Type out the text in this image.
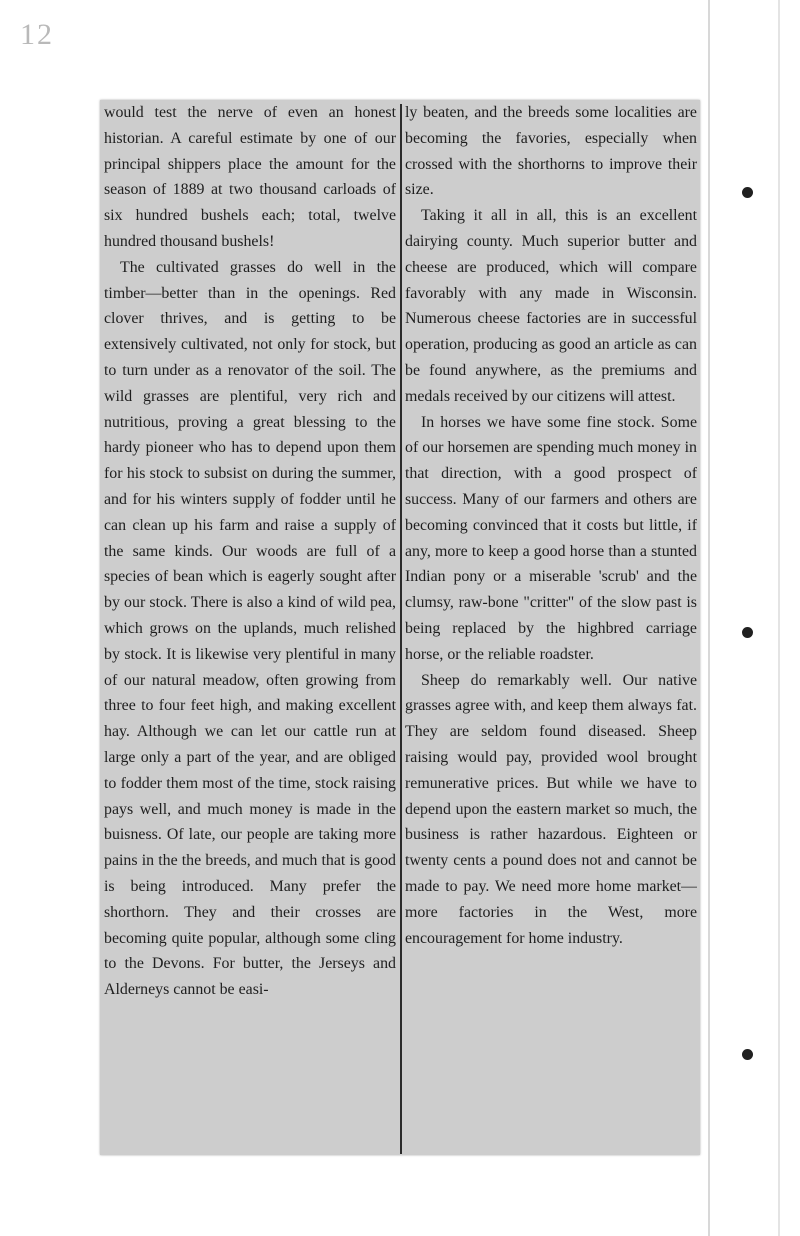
12

would test the nerve of even an honest historian. A careful estimate by one of our principal shippers place the amount for the season of 1889 at two thousand carloads of six hundred bushels each; total, twelve hundred thousand bushels!

The cultivated grasses do well in the timber—better than in the openings. Red clover thrives, and is getting to be extensively cultivated, not only for stock, but to turn under as a renovator of the soil. The wild grasses are plentiful, very rich and nutritious, proving a great blessing to the hardy pioneer who has to depend upon them for his stock to subsist on during the summer, and for his winters supply of fodder until he can clean up his farm and raise a supply of the same kinds. Our woods are full of a species of bean which is eagerly sought after by our stock. There is also a kind of wild pea, which grows on the uplands, much relished by stock. It is likewise very plentiful in many of our natural meadow, often growing from three to four feet high, and making excellent hay. Although we can let our cattle run at large only a part of the year, and are obliged to fodder them most of the time, stock raising pays well, and much money is made in the buisness. Of late, our people are taking more pains in the the breeds, and much that is good is being introduced. Many prefer the shorthorn. They and their crosses are becoming quite popular, although some cling to the Devons. For butter, the Jerseys and Alderneys cannot be easi-

ly beaten, and the breeds some localities are becoming the favories, especially when crossed with the shorthorns to improve their size.

Taking it all in all, this is an excellent dairying county. Much superior butter and cheese are produced, which will compare favorably with any made in Wisconsin. Numerous cheese factories are in successful operation, producing as good an article as can be found anywhere, as the premiums and medals received by our citizens will attest.

In horses we have some fine stock. Some of our horsemen are spending much money in that direction, with a good prospect of success. Many of our farmers and others are becoming convinced that it costs but little, if any, more to keep a good horse than a stunted Indian pony or a miserable 'scrub' and the clumsy, raw-bone "critter" of the slow past is being replaced by the highbred carriage horse, or the reliable roadster.

Sheep do remarkably well. Our native grasses agree with, and keep them always fat. They are seldom found diseased. Sheep raising would pay, provided wool brought remunerative prices. But while we have to depend upon the eastern market so much, the business is rather hazardous. Eighteen or twenty cents a pound does not and cannot be made to pay. We need more home market—more factories in the West, more encouragement for home industry.
